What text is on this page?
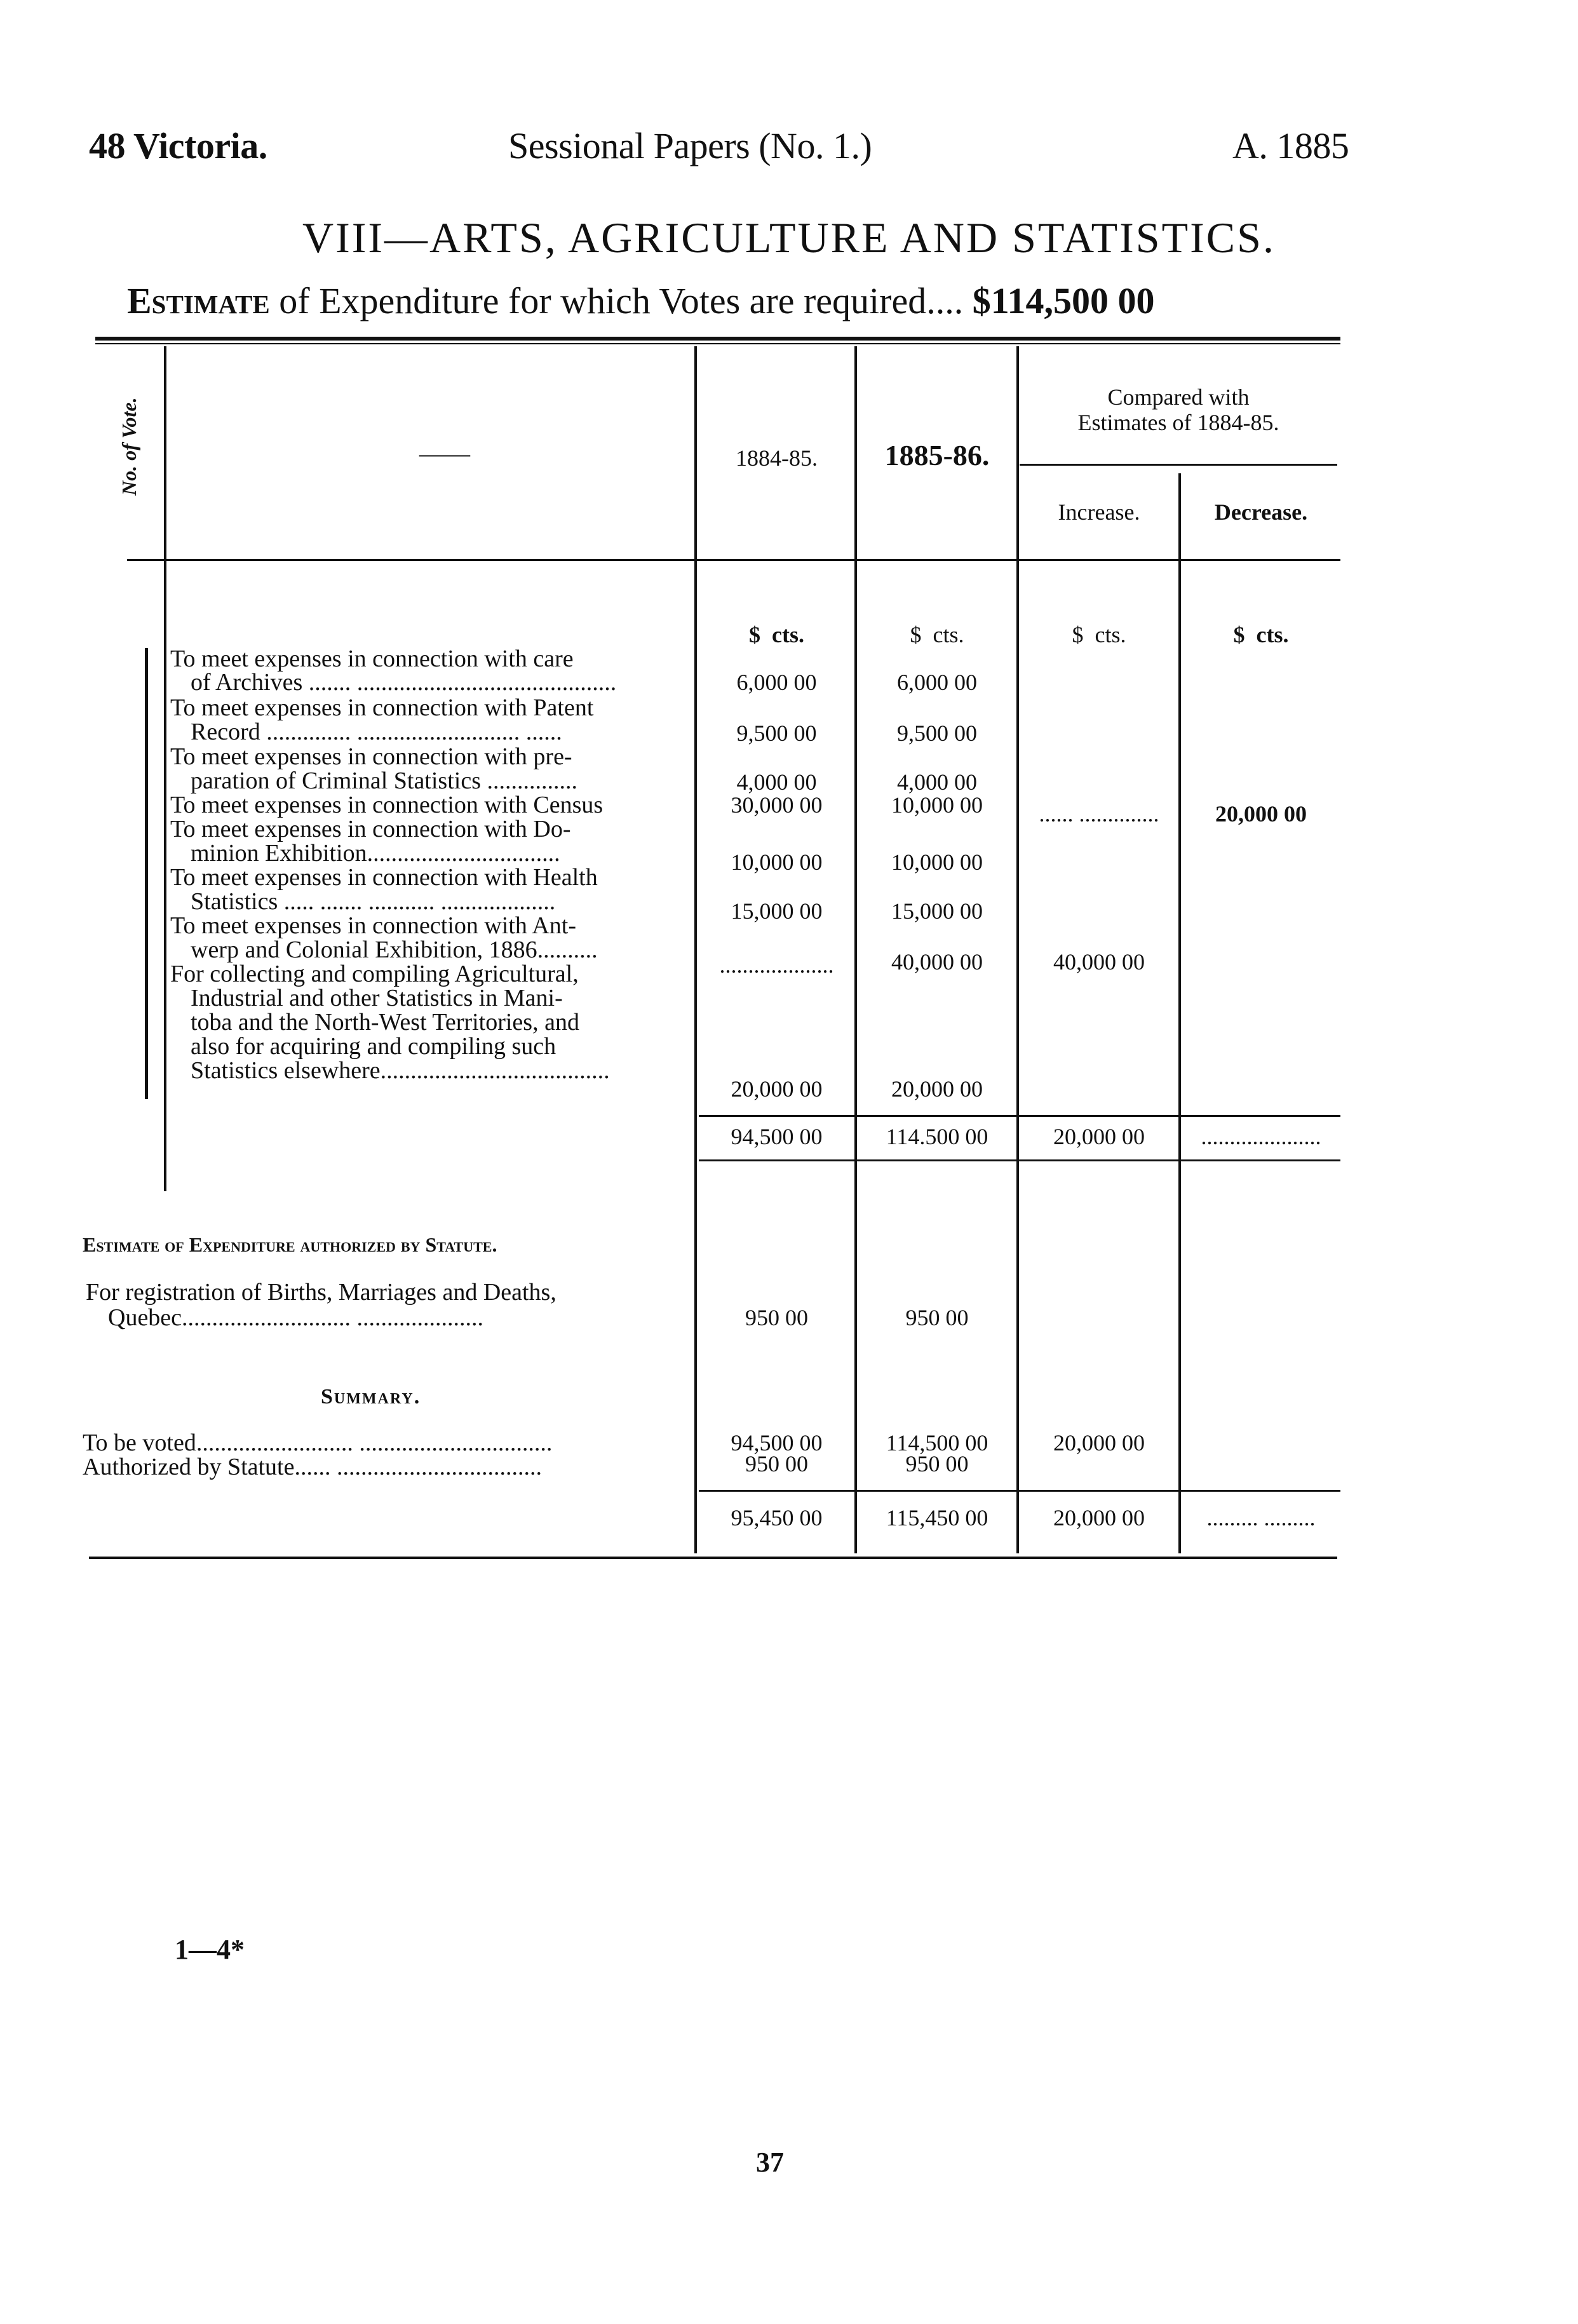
48 Victoria.	Sessional Papers (No. 1.)	A. 1885
VIII—ARTS, AGRICULTURE AND STATISTICS.
Estimate of Expenditure for which Votes are required.... $114,500 00
No. of Vote.	——	1884-85.	1885-86.
Compared with
Estimates of 1884-85.
Increase.	Decrease.
$ cts.	$ cts.	$ cts.	$ cts.
To meet expenses in connection with care
of Archives ....... ...........................................	6,000 00	6,000 00
To meet expenses in connection with Patent
Record .............. ........................... ......	9,500 00	9,500 00
To meet expenses in connection with pre-
paration of Criminal Statistics ...............	4,000 00	4,000 00
To meet expenses in connection with Census	30,000 00	10,000 00	...... ..............	20,000 00
To meet expenses in connection with Do-
minion Exhibition................................	10,000 00	10,000 00
To meet expenses in connection with Health
Statistics ..... ....... ........... ...................	15,000 00	15,000 00
To meet expenses in connection with Ant-
werp and Colonial Exhibition, 1886..........
....................	40,000 00	40,000 00
For collecting and compiling Agricultural,
Industrial and other Statistics in Mani-
toba and the North-West Territories, and
also for acquiring and compiling such
Statistics elsewhere......................................
20,000 00	20,000 00
94,500 00	114.500 00	20,000 00	.....................
Estimate of Expenditure authorized by Statute.
For registration of Births, Marriages and Deaths,
Quebec............................ .....................	950 00	950 00
Summary.
To be voted.......................... ................................
Authorized by Statute...... ..................................
94,500 00	114,500 00	20,000 00
950 00	950 00
95,450 00	115,450 00	20,000 00	......... .........
1—4*
37
